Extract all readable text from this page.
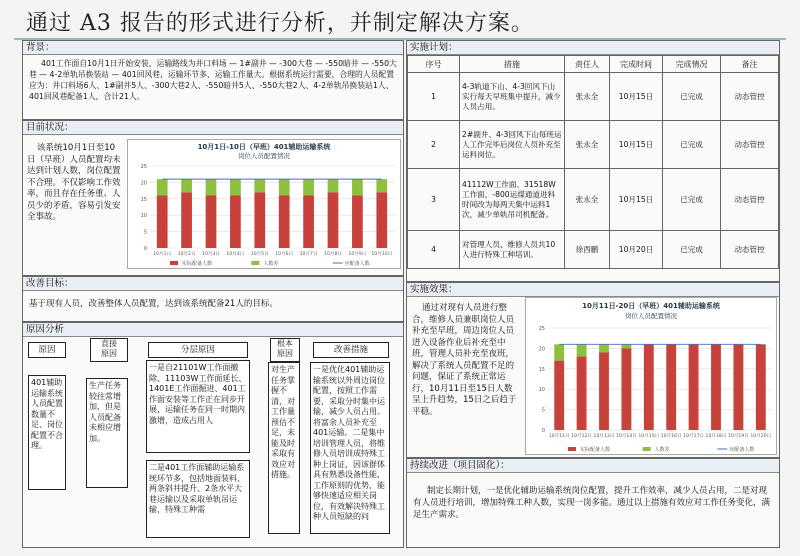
通过 A3 报告的形式进行分析，并制定解决方案。
背景：
401工作面自10月1日开始安装，运输路线为井口料场 — 1#副井 — -300大巷 — -550暗井 — -550大巷 — 4-2单轨吊换装站 — 401回风巷，运输环节多、运输工作量大。根据系统运行需要，合理的人员配置应为：井口料场6人、1#副井5人、-300大巷2人、-550暗井5人、-550大巷2人、4-2单轨吊换装站1人、401回风巷配备1人，合计21人。
目前状况：
该系统10月1日至10日（早班）人员配置均未达到计划人数，岗位配置不合理。不仅影响工作效率，而且存在任务重、人员少的矛盾，容易引发安全事故。
10月1日-10日（早班）401辅助运输系统
岗位人员配置情况
0
5
10
15
20
25
10月1日 10月2日 10月3日 10月4日 10月5日 10月6日 10月7日 10月8日 10月9日 10月10日
实际配备人数	人数差	应配备人数
改善目标：
基于现有人员，改善整体人员配置，达到该系统配备21人的目标。
原因分析
原因
直接
原因	分层原因
根本
原因	改善措施
401辅助运输系统人员配置数量不足、岗位配置不合理。
生产任务较往常增加，但是人员配备未相应增加。
一是自21101W工作面撤除、11103W工作面延长、1401E工作面掘进、401工作面安装等工作正在同步开展，运输任务在同一时期内激增，造成占用人
二是401工作面辅助运输系统环节多，包括地面装料、两条斜井提升、2条水平大巷运输以及采取单轨吊运输，特殊工种需
对生产任务掌握不清，对工作量预估不足，未能及时采取有效应对措施。
一是优化401辅助运输系统以外周边岗位配置，按照工作需要，采取分时集中运输，减少人员占用。将富余人员补充至401运输。二是集中培训管理人员，将维修人员培训成特殊工种上岗证，因该群体具有熟悉设备性能，工作原则的优势，能够快速适应相关岗位，有效解决特殊工种人员短缺的问
实施计划：
序号	措施	责任人	完成时间	完成情况	备注
1	4-3轨道下山、4-3回风下山实行每天早班集中提升，减少人员占用。	张永全	10月15日	已完成	动态管控
2	2#副井、4-3回风下山每班运人工作完毕后岗位人员补充至运料岗位。	张永全	10月15日	已完成	动态管控
3	41112W工作面、31518W工作面，-800运煤通道进料时间改为每两天集中运料1次，减少单轨吊司机配备。	张永全	10月15日	已完成	动态管控
4	对管理人员、维修人员共10人进行特殊工种培训。	徐西鹏	10月20日	已完成	动态管控
实施效果：
通过对现有人员进行整合，维修人员兼职岗位人员补充至早班，周边岗位人员进入设备作业后补充至中班，管理人员补充至夜班，解决了系统人员配置不足的问题，保证了系统正常运行，10月11日至15日人数呈上升趋势，15日之后趋于平稳。
10月11日-20日（早班）401辅助运输系统
岗位人员配置情况
0
5
10
15
20
25
10月11日 10月12日 10月13日 10月14日 10月15日 10月16日 10月17日 10月18日 10月19日 10月20日
实际配备人数	人数差	应配备人数
持续改进（项目固化）：
制定长期计划，一是优化辅助运输系统岗位配置，提升工作效率，减少人员占用，二是对现有人员进行培训，增加特殊工种人数，实现一岗多能。通过以上措施有效应对工作任务变化，满足生产需求。
